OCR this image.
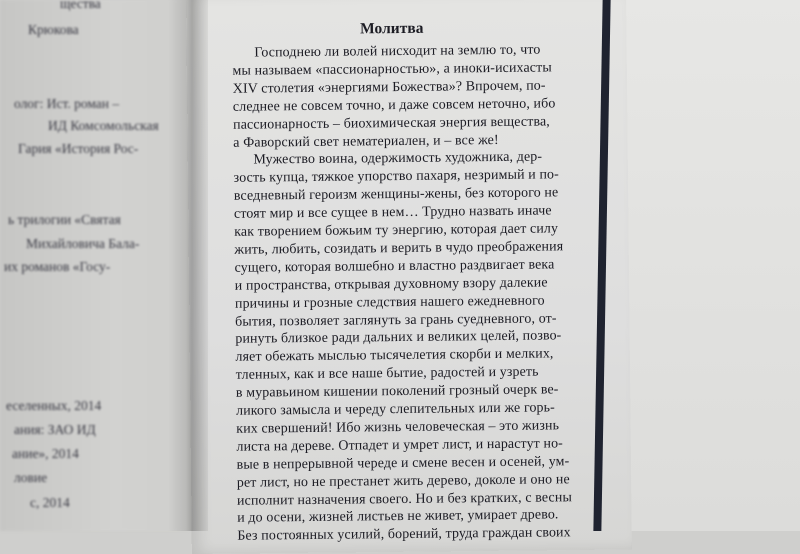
щества
Крюкова
олог: Ист. роман –
ИД Комсомольская
Гария «История Рос-
ь трилогии «Святая
Михайловича Бала-
их романов «Госу-
еселенных, 2014
ания: ЗАО ИД
ание», 2014
ловие
с, 2014
Молитва
Господнею ли волей нисходит на землю то, что
мы называем «пассионарностью», а иноки-исихасты
XIV столетия «энергиями Божества»? Впрочем, по-
следнее не совсем точно, и даже совсем неточно, ибо
пассионарность – биохимическая энергия вещества,
а Фаворский свет нематериален, и – все же!
Мужество воина, одержимость художника, дер-
зость купца, тяжкое упорство пахаря, незримый и по-
вседневный героизм женщины-жены, без которого не
стоят мир и все сущее в нем… Трудно назвать иначе
как творением божьим ту энергию, которая дает силу
жить, любить, созидать и верить в чудо преображения
сущего, которая волшебно и властно раздвигает века
и пространства, открывая духовному взору далекие
причины и грозные следствия нашего ежедневного
бытия, позволяет заглянуть за грань суедневного, от-
ринуть близкое ради дальних и великих целей, позво-
ляет обежать мыслью тысячелетия скорби и мелких,
тленных, как и все наше бытие, радостей и узреть
в муравьином кишении поколений грозный очерк ве-
ликого замысла и череду слепительных или же горь-
ких свершений! Ибо жизнь человеческая – это жизнь
листа на дереве. Отпадет и умрет лист, и нарастут но-
вые в непрерывной череде и смене весен и осеней, ум-
рет лист, но не престанет жить дерево, доколе и оно не
исполнит назначения своего. Но и без кратких, с весны
и до осени, жизней листьев не живет, умирает древо.
Без постоянных усилий, борений, труда граждан своих
